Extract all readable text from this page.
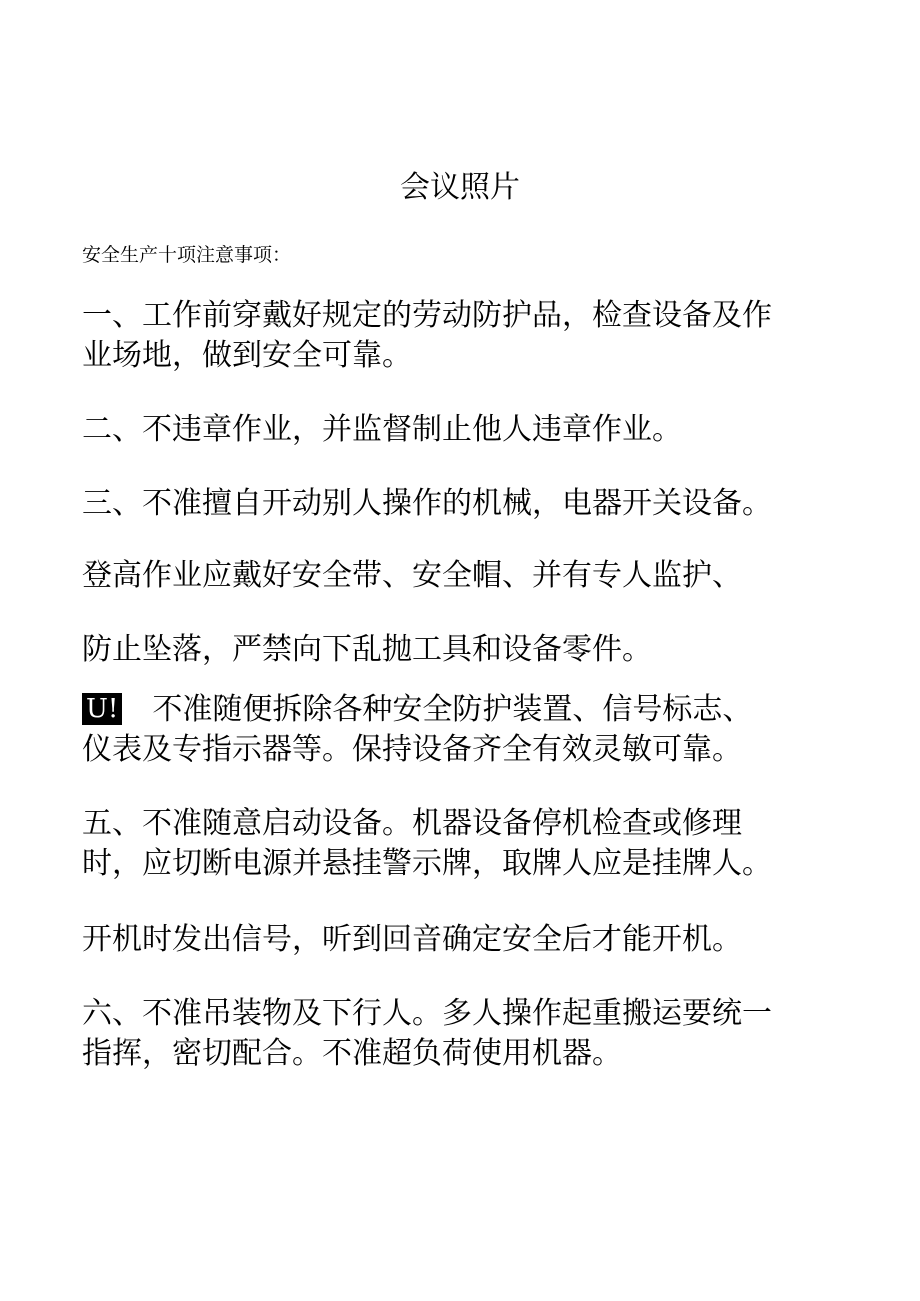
会议照片
安全生产十项注意事项：
一、工作前穿戴好规定的劳动防护品，检查设备及作
业场地，做到安全可靠。
二、不违章作业，并监督制止他人违章作业。
三、不准擅自开动别人操作的机械，电器开关设备。
登高作业应戴好安全带、安全帽、并有专人监护、
防止坠落，严禁向下乱抛工具和设备零件。
U! 不准随便拆除各种安全防护装置、信号标志、
仪表及专指示器等。保持设备齐全有效灵敏可靠。
五、不准随意启动设备。机器设备停机检查或修理
时，应切断电源并悬挂警示牌，取牌人应是挂牌人。
开机时发出信号，听到回音确定安全后才能开机。
六、不准吊装物及下行人。多人操作起重搬运要统一
指挥，密切配合。不准超负荷使用机器。
